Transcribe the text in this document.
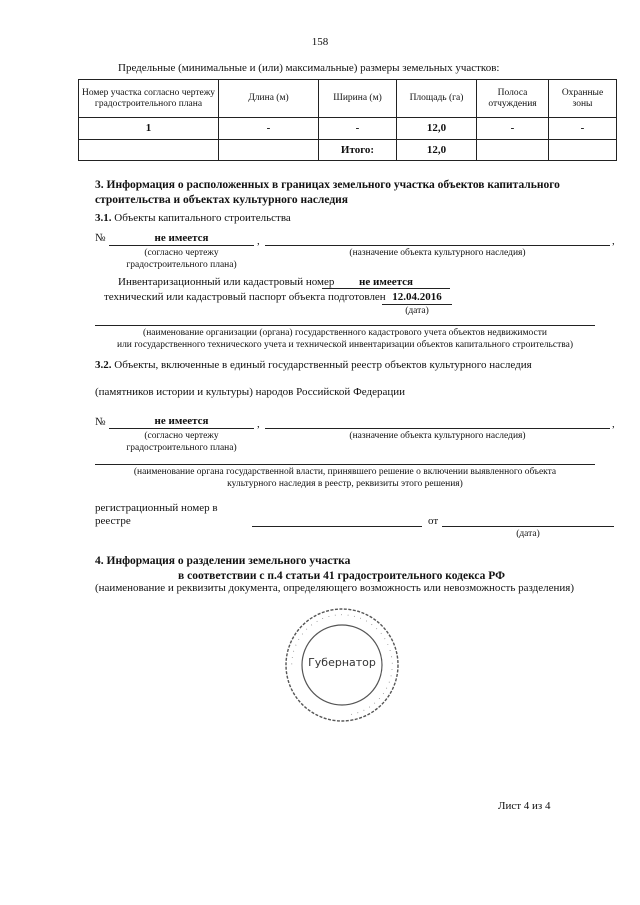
158
Предельные (минимальные и (или) максимальные) размеры земельных участков:
Номер участка согласно чертежу градостроительного плана	Длина (м)	Ширина (м)	Площадь (га)	Полоса отчуждения	Охранные зоны
1	-	-	12,0	-	-
		Итого:	12,0		
3. Информация о расположенных в границах земельного участка объектов капитального
строительства и объектах культурного наследия
3.1. Объекты капитального строительства
№	не имеется	,	,
(согласно чертежу
градостроительного плана)
(назначение объекта культурного наследия)
Инвентаризационный или кадастровый номер	не имеется
технический или кадастровый паспорт объекта подготовлен 12.04.2016
(дата)
(наименование организации (органа) государственного кадастрового учета объектов недвижимости
или государственного технического учета и технической инвентаризации объектов капитального строительства)
3.2. Объекты, включенные в единый государственный реестр объектов культурного наследия
(памятников истории и культуры) народов Российской Федерации
№	не имеется	,	,
(согласно чертежу
градостроительного плана)
(назначение объекта культурного наследия)
(наименование органа государственной власти, принявшего решение о включении выявленного объекта
культурного наследия в реестр, реквизиты этого решения)
регистрационный номер в
реестре	от
(дата)
4. Информация о разделении земельного участка
в соответствии с п.4 статьи 41 градостроительного кодекса РФ
(наименование и реквизиты документа, определяющего возможность или невозможность разделения)
· · · · · · · · · · · · · · · · · · · · · · · · · · · · · · · · · · · ·
Губернатор
Лист 4 из 4
